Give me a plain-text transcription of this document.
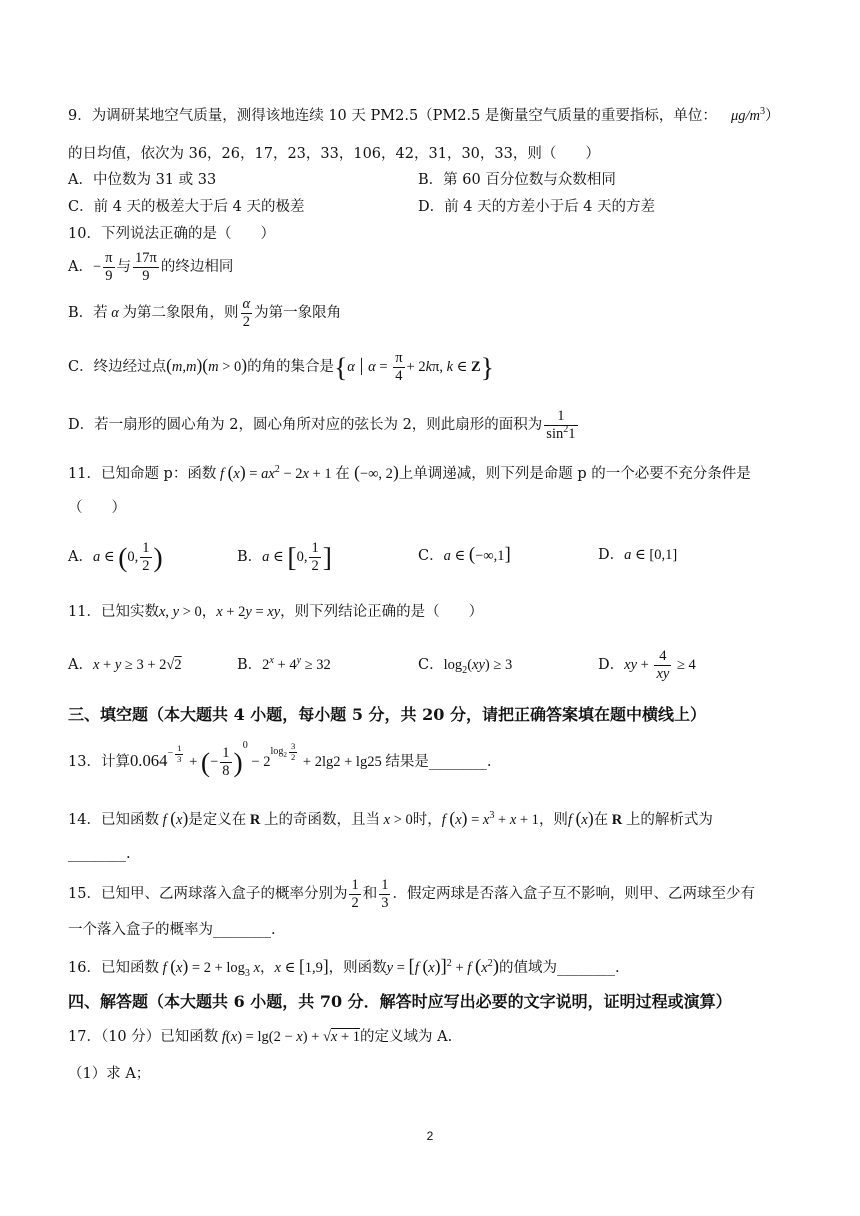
9．为调研某地空气质量，测得该地连续 10 天 PM2.5（PM2.5 是衡量空气质量的重要指标，单位： $\mu g/m^3$）
的日均值，依次为 36，26，17，23，33，106，42，31，30，33，则（　　）
A．中位数为 31 或 33	B．第 60 百分位数与众数相同
C．前 4 天的极差大于后 4 天的极差	D．前 4 天的方差小于后 4 天的方差
10．下列说法正确的是（　　）
A．− $\frac{\pi}{9}$ 与 $\frac{17\pi}{9}$ 的终边相同
B．若 α 为第二象限角，则 $\frac{\alpha}{2}$ 为第一象限角
C．终边经过点(m,m)(m > 0)的角的集合是{α | $\alpha = \frac{\pi}{4} + 2k\pi$, k ∈ Z}
D．若一扇形的圆心角为 2，圆心角所对应的弦长为 2，则此扇形的面积为 $\frac{1}{\sin^21}$
11．已知命题 p：函数 f $(x) = ax^2 - 2x + 1$ 在 (−∞, 2)上单调递减，则下列是命题 p 的一个必要不充分条件是
（　　）
A．a ∈ (0, $\frac{1}{2}$ )	B．a ∈ [0, $\frac{1}{2}$ ]	C．a ∈ (−∞,1]	D．a ∈ [0,1]
11．已知实数x, y > 0，x + 2y = xy，则下列结论正确的是（　　）
A．x + y ≥ 3 + 2√2	B．$2^x + 4^y \ge 32$	C．$\log_2(xy) \ge 3$	D．xy + $\frac{4}{xy} \ge 4$
三、填空题（本大题共 4 小题，每小题 5 分，共 20 分，请把正确答案填在题中横线上）
13．计算$0.064^{- \frac{1}{3}}$ + (− $\frac{1}{8} )^0 - 2^{log_2 \frac{3}{2}} + 2\lg 2 + \lg 25$ 结果是________.
14．已知函数 f (x)是定义在 R 上的奇函数，且当 x > 0时，f $(x) = x^3 + x + 1$，则f (x)在 R 上的解析式为
________.
15．已知甲、乙两球落入盒子的概率分别为 $\frac{1}{2}$ 和 $\frac{1}{3}$ ．假定两球是否落入盒子互不影响，则甲、乙两球至少有
一个落入盒子的概率为________.
16．已知函数 f $(x) = 2 + \log_3 x$，x ∈ [1,9]，则函数y = [f (x)]$^2$ + f $(x^2)$的值域为________.
四、解答题（本大题共 6 小题，共 70 分．解答时应写出必要的文字说明，证明过程或演算）
17．（10 分）已知函数 f(x) = lg(2 − x) + √x + 1的定义域为 A.
（1）求 A；
2
